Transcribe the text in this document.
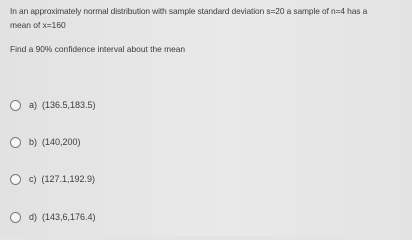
In an approximately normal distribution with sample standard deviation s=20 a sample of n=4 has a
mean of x=160
Find a 90% confidence interval about the mean
a) (136.5,183.5)
b) (140,200)
c) (127.1,192.9)
d) (143,6,176.4)
